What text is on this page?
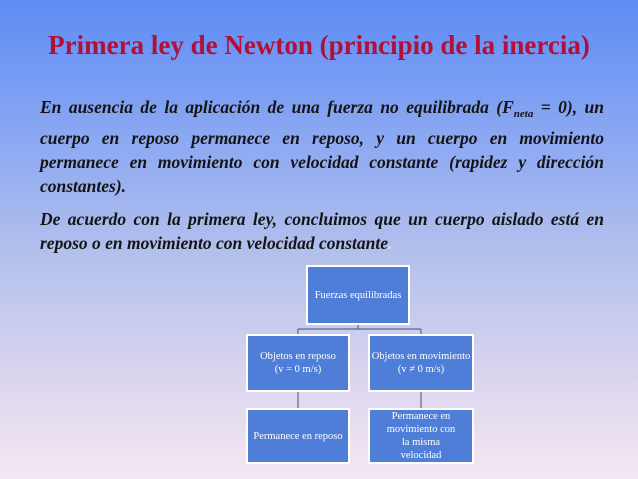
Primera ley de Newton (principio de la inercia)
En ausencia de la aplicación de una fuerza no equilibrada $(F_{neta} = 0)$, un cuerpo en reposo permanece en reposo, y un cuerpo en movimiento permanece en movimiento con velocidad constante (rapidez y dirección constantes).
De acuerdo con la primera ley, concluimos que un cuerpo aislado está en reposo o en movimiento con velocidad constante.
Fuerzas equilibradas
Objetos en reposo
(v = 0 m/s)
Objetos en movimiento
(v ≠ 0 m/s)
Permanece en reposo
Permanece en movimiento con la misma velocidad
